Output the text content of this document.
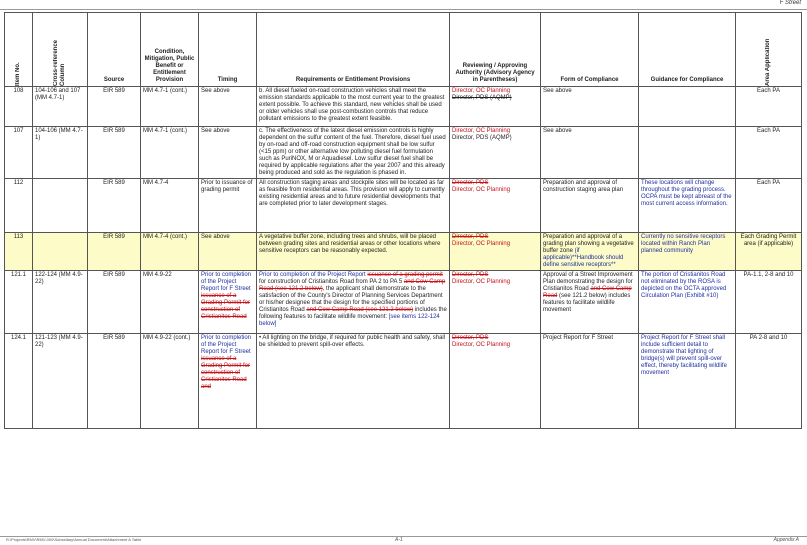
F Street
Item No.	Cross-reference Column	Source	Condition, Mitigation, Public Benefit or Entitlement Provision	Timing	Requirements or Entitlement Provisions	Reviewing / Approving Authority (Advisory Agency in Parentheses)	Form of Compliance	Guidance for Compliance	Area Application

108	104-106 and 107 (MM 4.7-1)	EIR 589	MM 4.7-1 (cont.)	See above	b. All diesel fueled on-road construction vehicles shall meet the emission standards applicable to the most current year to the greatest extent possible. To achieve this standard, new vehicles shall be used or older vehicles shall use post-combustion controls that reduce pollutant emissions to the greatest extent feasible.	Director, OC Planning
Director, PDS (AQMP)	See above		Each PA
107	104-106 (MM 4.7-1)	EIR 589	MM 4.7-1 (cont.)	See above	c. The effectiveness of the latest diesel emission controls is highly dependent on the sulfur content of the fuel. Therefore, diesel fuel used by on-road and off-road construction equipment shall be low sulfur (<15 ppm) or other alternative low polluting diesel fuel formulation such as PuriNOX, M or Aquadiesel. Low sulfur diesel fuel shall be required by applicable regulations after the year 2007 and this already being produced and sold as the regulation is phased in.	Director, OC Planning
Director, PDS (AQMP)	See above		Each PA
112		EIR 589	MM 4.7-4	Prior to issuance of grading permit	All construction staging areas and stockpile sites will be located as far as feasible from residential areas. This provision will apply to currently existing residential areas and to future residential developments that are completed prior to later development stages.	Director, PDS
Director, OC Planning	Preparation and approval of construction staging area plan	These locations will change throughout the grading process. OCPA must be kept abreast of the most current access information.	Each PA
113		EIR 589	MM 4.7-4 (cont.)	See above	A vegetative buffer zone, including trees and shrubs, will be placed between grading sites and residential areas or other locations where sensitive receptors can be reasonably expected.	Director, PDS
Director, OC Planning	Preparation and approval of a grading plan showing a vegetative buffer zone (if applicable)**Handbook should define sensitive receptors**	Currently no sensitive receptors located within Ranch Plan planned community	Each Grading Permit area (if applicable)
121.1	122-124 (MM 4.9-22)	EIR 589	MM 4.9-22	Prior to completion of the Project Report for F Street issuance of a Grading Permit for construction of Cristianitos Road	Prior to completion of the Project Report issuance of a grading permit for construction of Cristianitos Road from PA 2 to PA 5 and Cow Camp Road (see 121.2 below), the applicant shall demonstrate to the satisfaction of the County's Director of Planning Services Department or his/her designee that the design for the specified portions of Cristianitos Road and Cow Camp Road (see 121.2 below) includes the following features to facilitate wildlife movement: [see items 122-124 below]	Director, PDS
Director, OC Planning	Approval of a Street Improvement Plan demonstrating the design for Cristianitos Road and Cow Camp Road (see 121.2 below) includes features to facilitate wildlife movement	The portion of Cristianitos Road not eliminated by the ROSA is depicted on the OCTA approved Circulation Plan (Exhibit #10)	PA-1.1, 2-8 and 10
124.1	121-123 (MM 4.9-22)	EIR 589	MM 4.9-22 (cont.)	Prior to completion of the Project Report for F Street issuance of a Grading Permit for construction of Cristianitos Road and	• All lighting on the bridge, if required for public health and safety, shall be shielded to prevent spill-over effects.	Director, PDS
Director, OC Planning	Project Report for F Street	Project Report for F Street shall include sufficient detail to demonstrate that lighting of bridge(s) will prevent spill-over effect, thereby facilitating wildlife movement	PA 2-8 and 10
R:\Projects\RMV\RMV-000\Subsidiary\Annual Document\Attachment A Table	A-1	Appendix A
